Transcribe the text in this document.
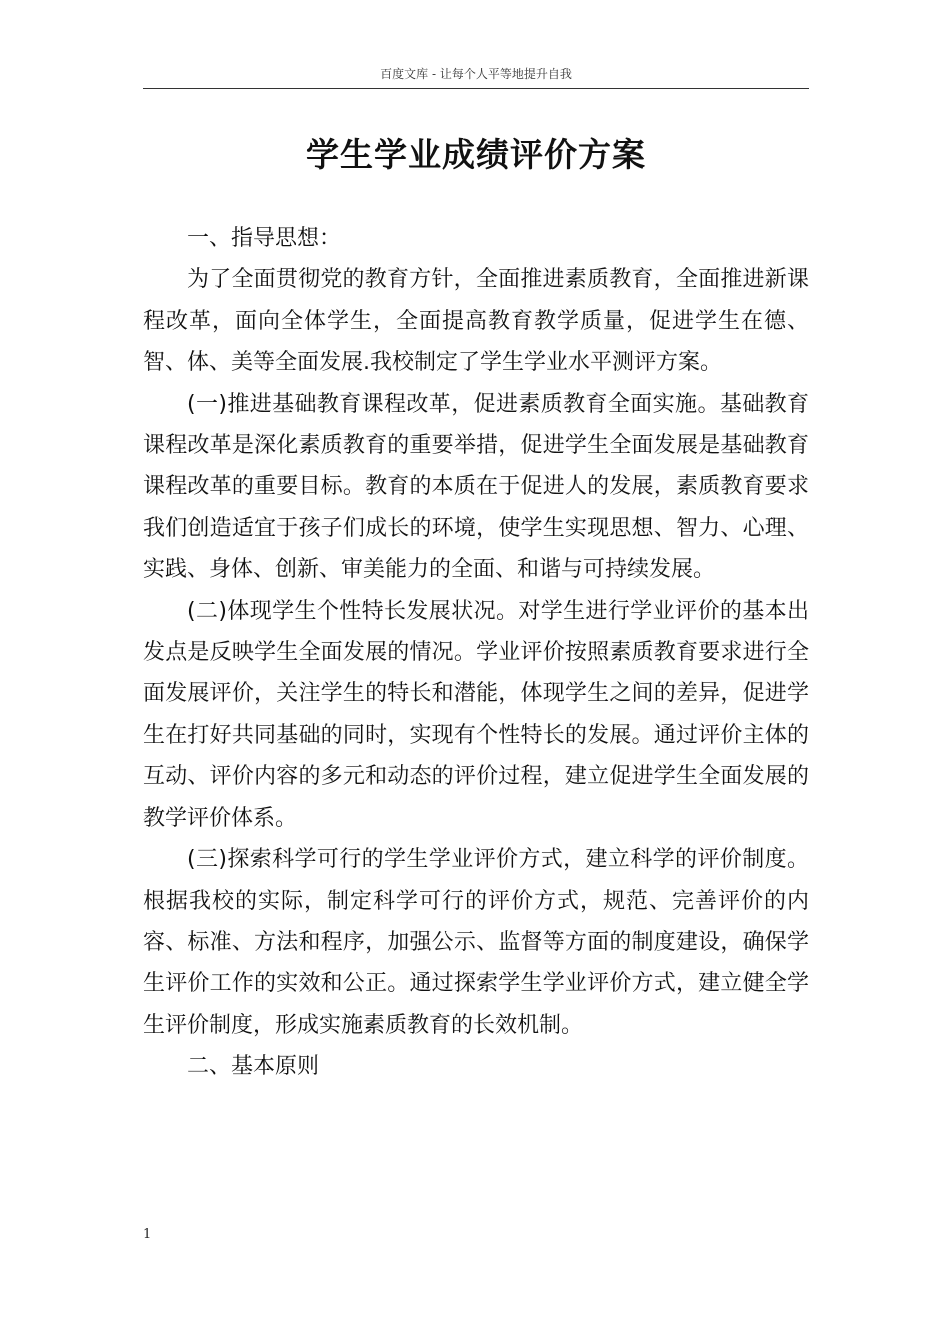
百度文库 - 让每个人平等地提升自我
学生学业成绩评价方案

一、指导思想：

为了全面贯彻党的教育方针，全面推进素质教育，全面推进新课程改革，面向全体学生，全面提高教育教学质量，促进学生在德、智、体、美等全面发展.我校制定了学生学业水平测评方案。

(一)推进基础教育课程改革，促进素质教育全面实施。基础教育课程改革是深化素质教育的重要举措，促进学生全面发展是基础教育课程改革的重要目标。教育的本质在于促进人的发展，素质教育要求我们创造适宜于孩子们成长的环境，使学生实现思想、智力、心理、实践、身体、创新、审美能力的全面、和谐与可持续发展。

(二)体现学生个性特长发展状况。对学生进行学业评价的基本出发点是反映学生全面发展的情况。学业评价按照素质教育要求进行全面发展评价，关注学生的特长和潜能，体现学生之间的差异，促进学生在打好共同基础的同时，实现有个性特长的发展。通过评价主体的互动、评价内容的多元和动态的评价过程，建立促进学生全面发展的教学评价体系。

(三)探索科学可行的学生学业评价方式，建立科学的评价制度。根据我校的实际，制定科学可行的评价方式，规范、完善评价的内容、标准、方法和程序，加强公示、监督等方面的制度建设，确保学生评价工作的实效和公正。通过探索学生学业评价方式，建立健全学生评价制度，形成实施素质教育的长效机制。

二、基本原则

1
